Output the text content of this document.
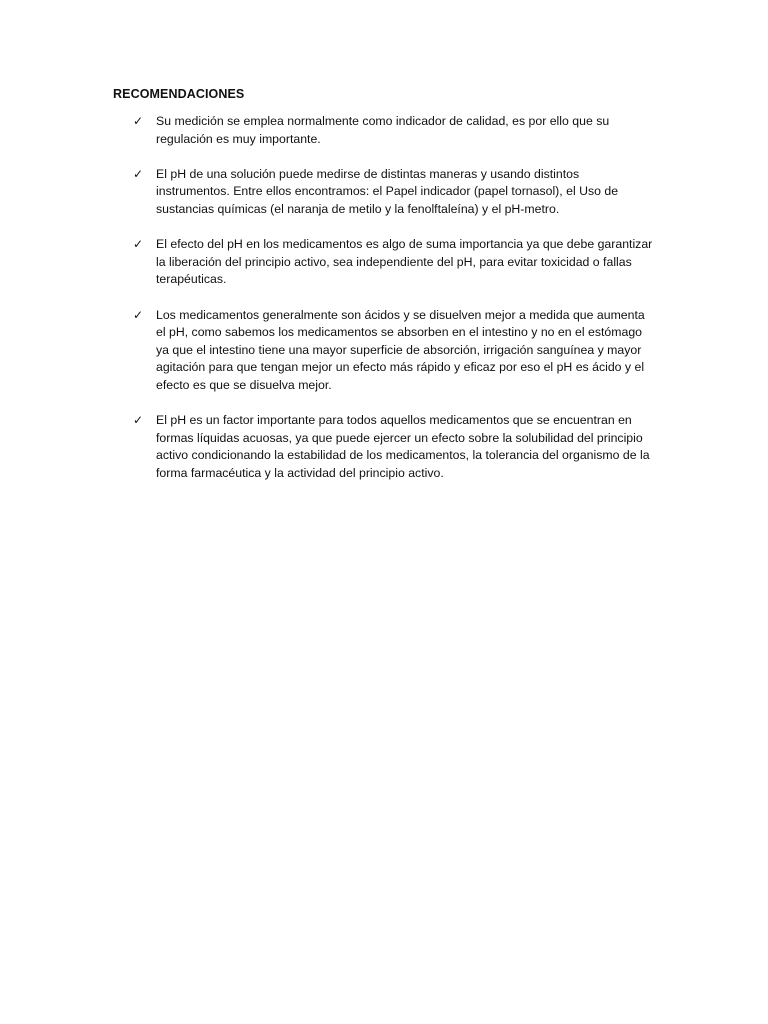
RECOMENDACIONES
✓ Su medición se emplea normalmente como indicador de calidad, es por ello que su regulación es muy importante.
✓ El pH de una solución puede medirse de distintas maneras y usando distintos instrumentos. Entre ellos encontramos: el Papel indicador (papel tornasol), el Uso de sustancias químicas (el naranja de metilo y la fenolftaleína) y el pH-metro.
✓ El efecto del pH en los medicamentos es algo de suma importancia ya que debe garantizar la liberación del principio activo, sea independiente del pH, para evitar toxicidad o fallas terapéuticas.
✓ Los medicamentos generalmente son ácidos y se disuelven mejor a medida que aumenta el pH, como sabemos los medicamentos se absorben en el intestino y no en el estómago ya que el intestino tiene una mayor superficie de absorción, irrigación sanguínea y mayor agitación para que tengan mejor un efecto más rápido y eficaz por eso el pH es ácido y el efecto es que se disuelva mejor.
✓ El pH es un factor importante para todos aquellos medicamentos que se encuentran en formas líquidas acuosas, ya que puede ejercer un efecto sobre la solubilidad del principio activo condicionando la estabilidad de los medicamentos, la tolerancia del organismo de la forma farmacéutica y la actividad del principio activo.
